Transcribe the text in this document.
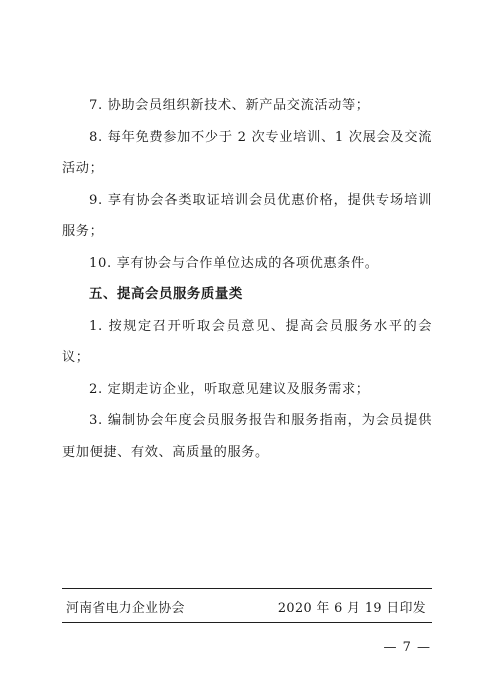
7. 协助会员组织新技术、新产品交流活动等；

8. 每年免费参加不少于 2 次专业培训、1 次展会及交流活动；

9. 享有协会各类取证培训会员优惠价格，提供专场培训服务；

10. 享有协会与合作单位达成的各项优惠条件。

五、提高会员服务质量类

1. 按规定召开听取会员意见、提高会员服务水平的会议；

2. 定期走访企业，听取意见建议及服务需求；

3. 编制协会年度会员服务报告和服务指南，为会员提供更加便捷、有效、高质量的服务。

河南省电力企业协会	2020 年 6 月 19 日印发
— 7 —
